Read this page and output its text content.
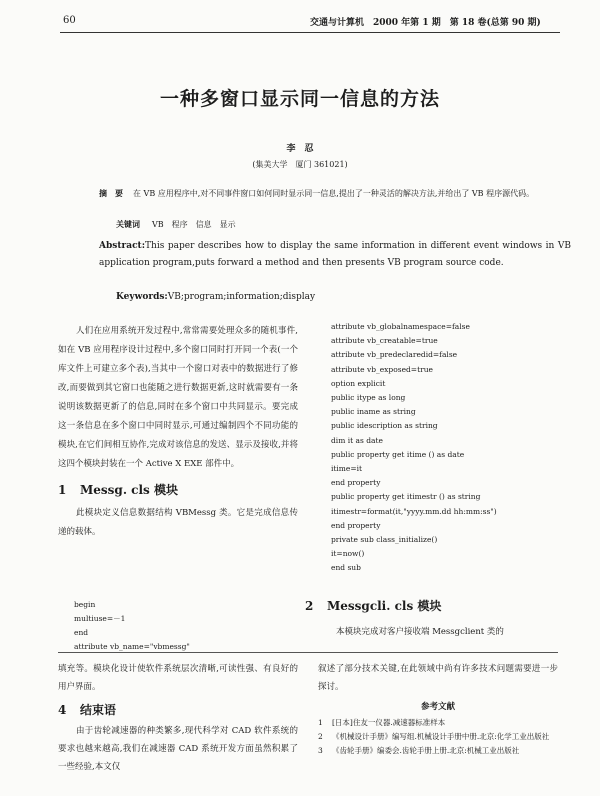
60	交通与计算机　2000 年第 1 期　第 18 卷(总第 90 期)
一种多窗口显示同一信息的方法
李　忍
(集美大学　厦门 361021)
摘　要 在 VB 应用程序中,对不同事件窗口如何同时显示同一信息,提出了一种灵活的解决方法,并给出了 VB 程序源代码。
关键词 VB　程序　信息　显示
Abstract:This paper describes how to display the same information in different event windows in VB application program,puts forward a method and then presents VB program source code.
Keywords:VB;program;information;display

人们在应用系统开发过程中,常常需要处理众多的随机事件,如在 VB 应用程序设计过程中,多个窗口同时打开同一个表(一个库文件上可建立多个表),当其中一个窗口对表中的数据进行了修改,而要做到其它窗口也能随之进行数据更新,这时就需要有一条说明该数据更新了的信息,同时在多个窗口中共同显示。要完成这一条信息在多个窗口中同时显示,可通过编制四个不同功能的模块,在它们间相互协作,完成对该信息的发送、显示及接收,并将这四个模块封装在一个 Active X EXE 部件中。

1 Messg. cls 模块

此模块定义信息数据结构 VBMessg 类。它是完成信息传递的载体。

begin
multiuse=－1
end
attribute vb_name="vbmessg"
attribute vb_globalnamespace=false
attribute vb_creatable=true
attribute vb_predeclaredid=false
attribute vb_exposed=true
option explicit
public itype as long
public iname as string
public idescription as string
dim it as date
public property get itime () as date
itime=it
end property
public property get itimestr () as string
itimestr=format(it,"yyyy.mm.dd hh:mm:ss")
end property
private sub class_initialize()
it=now()
end sub
2 Messgcli. cls 模块
本模块完成对客户接收端 Messgclient 类的

填充等。模块化设计使软件系统层次清晰,可读性强、有良好的用户界面。

4 结束语

由于齿轮减速器的种类繁多,现代科学对 CAD 软件系统的要求也越来越高,我们在减速器 CAD 系统开发方面虽然积累了一些经验,本文仅

叙述了部分技术关键,在此领域中尚有许多技术问题需要进一步探讨。

参考文献
1	[日本]住友一仪器.减速器标准样本
2	《机械设计手册》编写组.机械设计手册中册.北京:化学工业出版社
3	《齿轮手册》编委会.齿轮手册上册.北京:机械工业出版社
